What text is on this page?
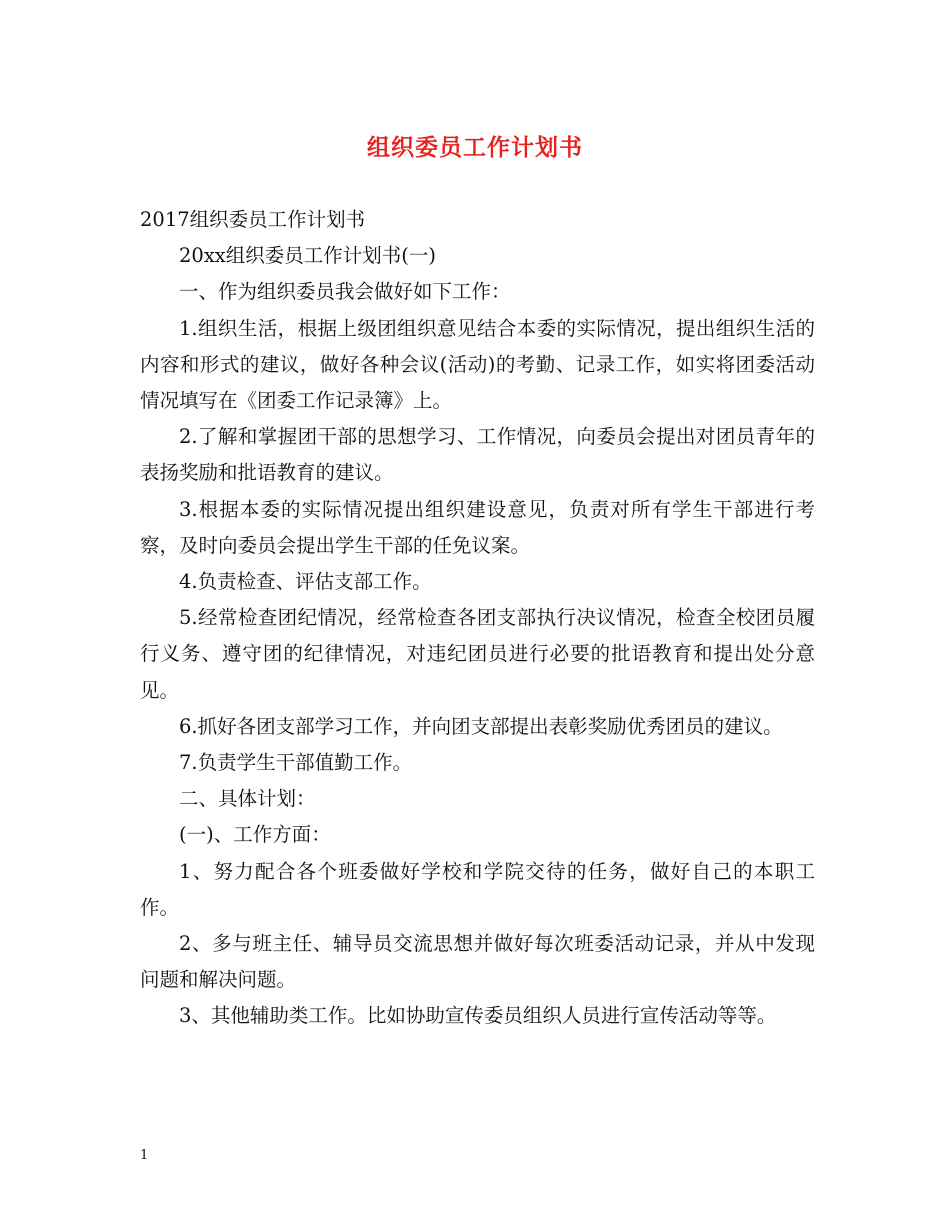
组织委员工作计划书

2017组织委员工作计划书

20xx组织委员工作计划书(一)

一、作为组织委员我会做好如下工作：

1.组织生活，根据上级团组织意见结合本委的实际情况，提出组织生活的内容和形式的建议，做好各种会议(活动)的考勤、记录工作，如实将团委活动情况填写在《团委工作记录簿》上。

2.了解和掌握团干部的思想学习、工作情况，向委员会提出对团员青年的表扬奖励和批语教育的建议。

3.根据本委的实际情况提出组织建设意见，负责对所有学生干部进行考察，及时向委员会提出学生干部的任免议案。

4.负责检查、评估支部工作。

5.经常检查团纪情况，经常检查各团支部执行决议情况，检查全校团员履行义务、遵守团的纪律情况，对违纪团员进行必要的批语教育和提出处分意见。

6.抓好各团支部学习工作，并向团支部提出表彰奖励优秀团员的建议。

7.负责学生干部值勤工作。

二、具体计划：

(一)、工作方面：

1、努力配合各个班委做好学校和学院交待的任务，做好自己的本职工作。

2、多与班主任、辅导员交流思想并做好每次班委活动记录，并从中发现问题和解决问题。

3、其他辅助类工作。比如协助宣传委员组织人员进行宣传活动等等。

1
